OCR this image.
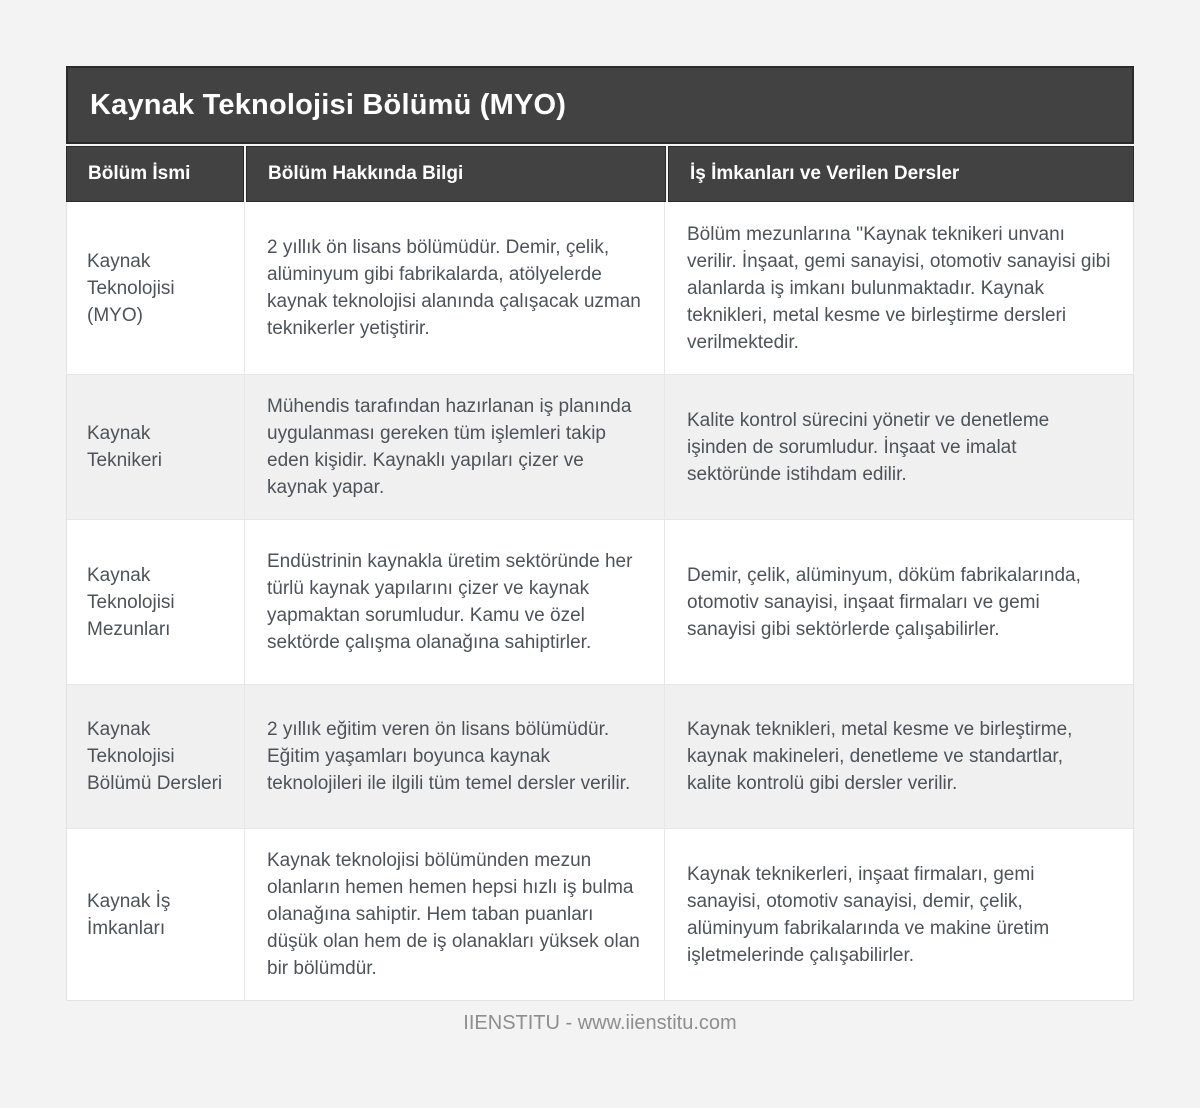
Kaynak Teknolojisi Bölümü (MYO)
Bölüm İsmi	Bölüm Hakkında Bilgi	İş İmkanları ve Verilen Dersler
Kaynak Teknolojisi (MYO)
2 yıllık ön lisans bölümüdür. Demir, çelik, alüminyum gibi fabrikalarda, atölyelerde kaynak teknolojisi alanında çalışacak uzman teknikerler yetiştirir.
Bölüm mezunlarına ''Kaynak teknikeri unvanı verilir. İnşaat, gemi sanayisi, otomotiv sanayisi gibi alanlarda iş imkanı bulunmaktadır. Kaynak teknikleri, metal kesme ve birleştirme dersleri verilmektedir.
Kaynak Teknikeri
Mühendis tarafından hazırlanan iş planında uygulanması gereken tüm işlemleri takip eden kişidir. Kaynaklı yapıları çizer ve kaynak yapar.
Kalite kontrol sürecini yönetir ve denetleme işinden de sorumludur. İnşaat ve imalat sektöründe istihdam edilir.
Kaynak Teknolojisi Mezunları
Endüstrinin kaynakla üretim sektöründe her türlü kaynak yapılarını çizer ve kaynak yapmaktan sorumludur. Kamu ve özel sektörde çalışma olanağına sahiptirler.
Demir, çelik, alüminyum, döküm fabrikalarında, otomotiv sanayisi, inşaat firmaları ve gemi sanayisi gibi sektörlerde çalışabilirler.
Kaynak Teknolojisi Bölümü Dersleri
2 yıllık eğitim veren ön lisans bölümüdür. Eğitim yaşamları boyunca kaynak teknolojileri ile ilgili tüm temel dersler verilir.
Kaynak teknikleri, metal kesme ve birleştirme, kaynak makineleri, denetleme ve standartlar, kalite kontrolü gibi dersler verilir.
Kaynak İş İmkanları
Kaynak teknolojisi bölümünden mezun olanların hemen hemen hepsi hızlı iş bulma olanağına sahiptir. Hem taban puanları düşük olan hem de iş olanakları yüksek olan bir bölümdür.
Kaynak teknikerleri, inşaat firmaları, gemi sanayisi, otomotiv sanayisi, demir, çelik, alüminyum fabrikalarında ve makine üretim işletmelerinde çalışabilirler.
IIENSTITU - www.iienstitu.com
